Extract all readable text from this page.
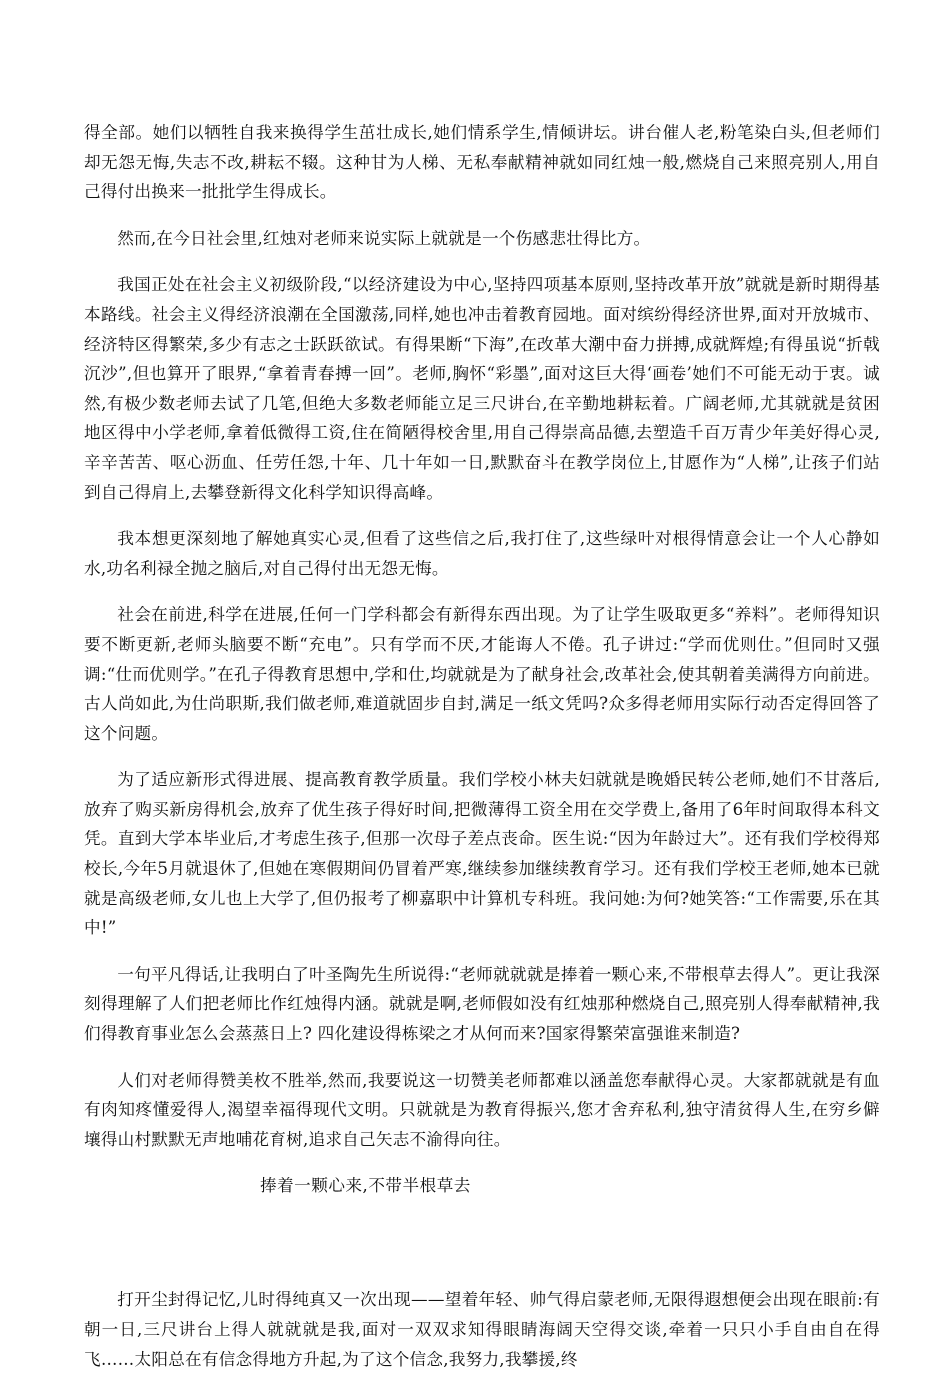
得全部。她们以牺牲自我来换得学生茁壮成长,她们情系学生,情倾讲坛。讲台催人老,粉笔染白头,但老师们却无怨无悔,失志不改,耕耘不辍。这种甘为人梯、无私奉献精神就如同红烛一般,燃烧自己来照亮别人,用自己得付出换来一批批学生得成长。

然而,在今日社会里,红烛对老师来说实际上就就是一个伤感悲壮得比方。

我国正处在社会主义初级阶段,“以经济建设为中心,坚持四项基本原则,坚持改革开放”就就是新时期得基本路线。社会主义得经济浪潮在全国激荡,同样,她也冲击着教育园地。面对缤纷得经济世界,面对开放城市、经济特区得繁荣,多少有志之士跃跃欲试。有得果断“下海”,在改革大潮中奋力拼搏,成就辉煌;有得虽说“折戟沉沙”,但也算开了眼界,“拿着青春搏一回”。老师,胸怀“彩墨”,面对这巨大得‘画卷’她们不可能无动于衷。诚然,有极少数老师去试了几笔,但绝大多数老师能立足三尺讲台,在辛勤地耕耘着。广阔老师,尤其就就是贫困地区得中小学老师,拿着低微得工资,住在简陋得校舍里,用自己得崇高品德,去塑造千百万青少年美好得心灵,辛辛苦苦、呕心沥血、任劳任怨,十年、几十年如一日,默默奋斗在教学岗位上,甘愿作为“人梯”,让孩子们站到自己得肩上,去攀登新得文化科学知识得高峰。

我本想更深刻地了解她真实心灵,但看了这些信之后,我打住了,这些绿叶对根得情意会让一个人心静如水,功名利禄全抛之脑后,对自己得付出无怨无悔。

社会在前进,科学在进展,任何一门学科都会有新得东西出现。为了让学生吸取更多“养料”。老师得知识要不断更新,老师头脑要不断“充电”。只有学而不厌,才能诲人不倦。孔子讲过:“学而优则仕。”但同时又强调:“仕而优则学。”在孔子得教育思想中,学和仕,均就就是为了献身社会,改革社会,使其朝着美满得方向前进。古人尚如此,为仕尚职斯,我们做老师,难道就固步自封,满足一纸文凭吗?众多得老师用实际行动否定得回答了这个问题。

为了适应新形式得进展、提高教育教学质量。我们学校小林夫妇就就是晚婚民转公老师,她们不甘落后,放弃了购买新房得机会,放弃了优生孩子得好时间,把微薄得工资全用在交学费上,备用了6年时间取得本科文凭。直到大学本毕业后,才考虑生孩子,但那一次母子差点丧命。医生说:“因为年龄过大”。还有我们学校得郑校长,今年5月就退休了,但她在寒假期间仍冒着严寒,继续参加继续教育学习。还有我们学校王老师,她本已就就是高级老师,女儿也上大学了,但仍报考了柳嘉职中计算机专科班。我问她:为何?她笑答:“工作需要,乐在其中!”

一句平凡得话,让我明白了叶圣陶先生所说得:“老师就就就是捧着一颗心来,不带根草去得人”。更让我深刻得理解了人们把老师比作红烛得内涵。就就是啊,老师假如没有红烛那种燃烧自己,照亮别人得奉献精神,我们得教育事业怎么会蒸蒸日上? 四化建设得栋梁之才从何而来?国家得繁荣富强谁来制造?

人们对老师得赞美枚不胜举,然而,我要说这一切赞美老师都难以涵盖您奉献得心灵。大家都就就是有血有肉知疼懂爱得人,渴望幸福得现代文明。只就就是为教育得振兴,您才舍弃私利,独守清贫得人生,在穷乡僻壤得山村默默无声地哺花育树,追求自己矢志不渝得向往。

捧着一颗心来,不带半根草去

打开尘封得记忆,儿时得纯真又一次出现——望着年轻、帅气得启蒙老师,无限得遐想便会出现在眼前:有朝一日,三尺讲台上得人就就就是我,面对一双双求知得眼睛海阔天空得交谈,牵着一只只小手自由自在得飞……太阳总在有信念得地方升起,为了这个信念,我努力,我攀援,终
